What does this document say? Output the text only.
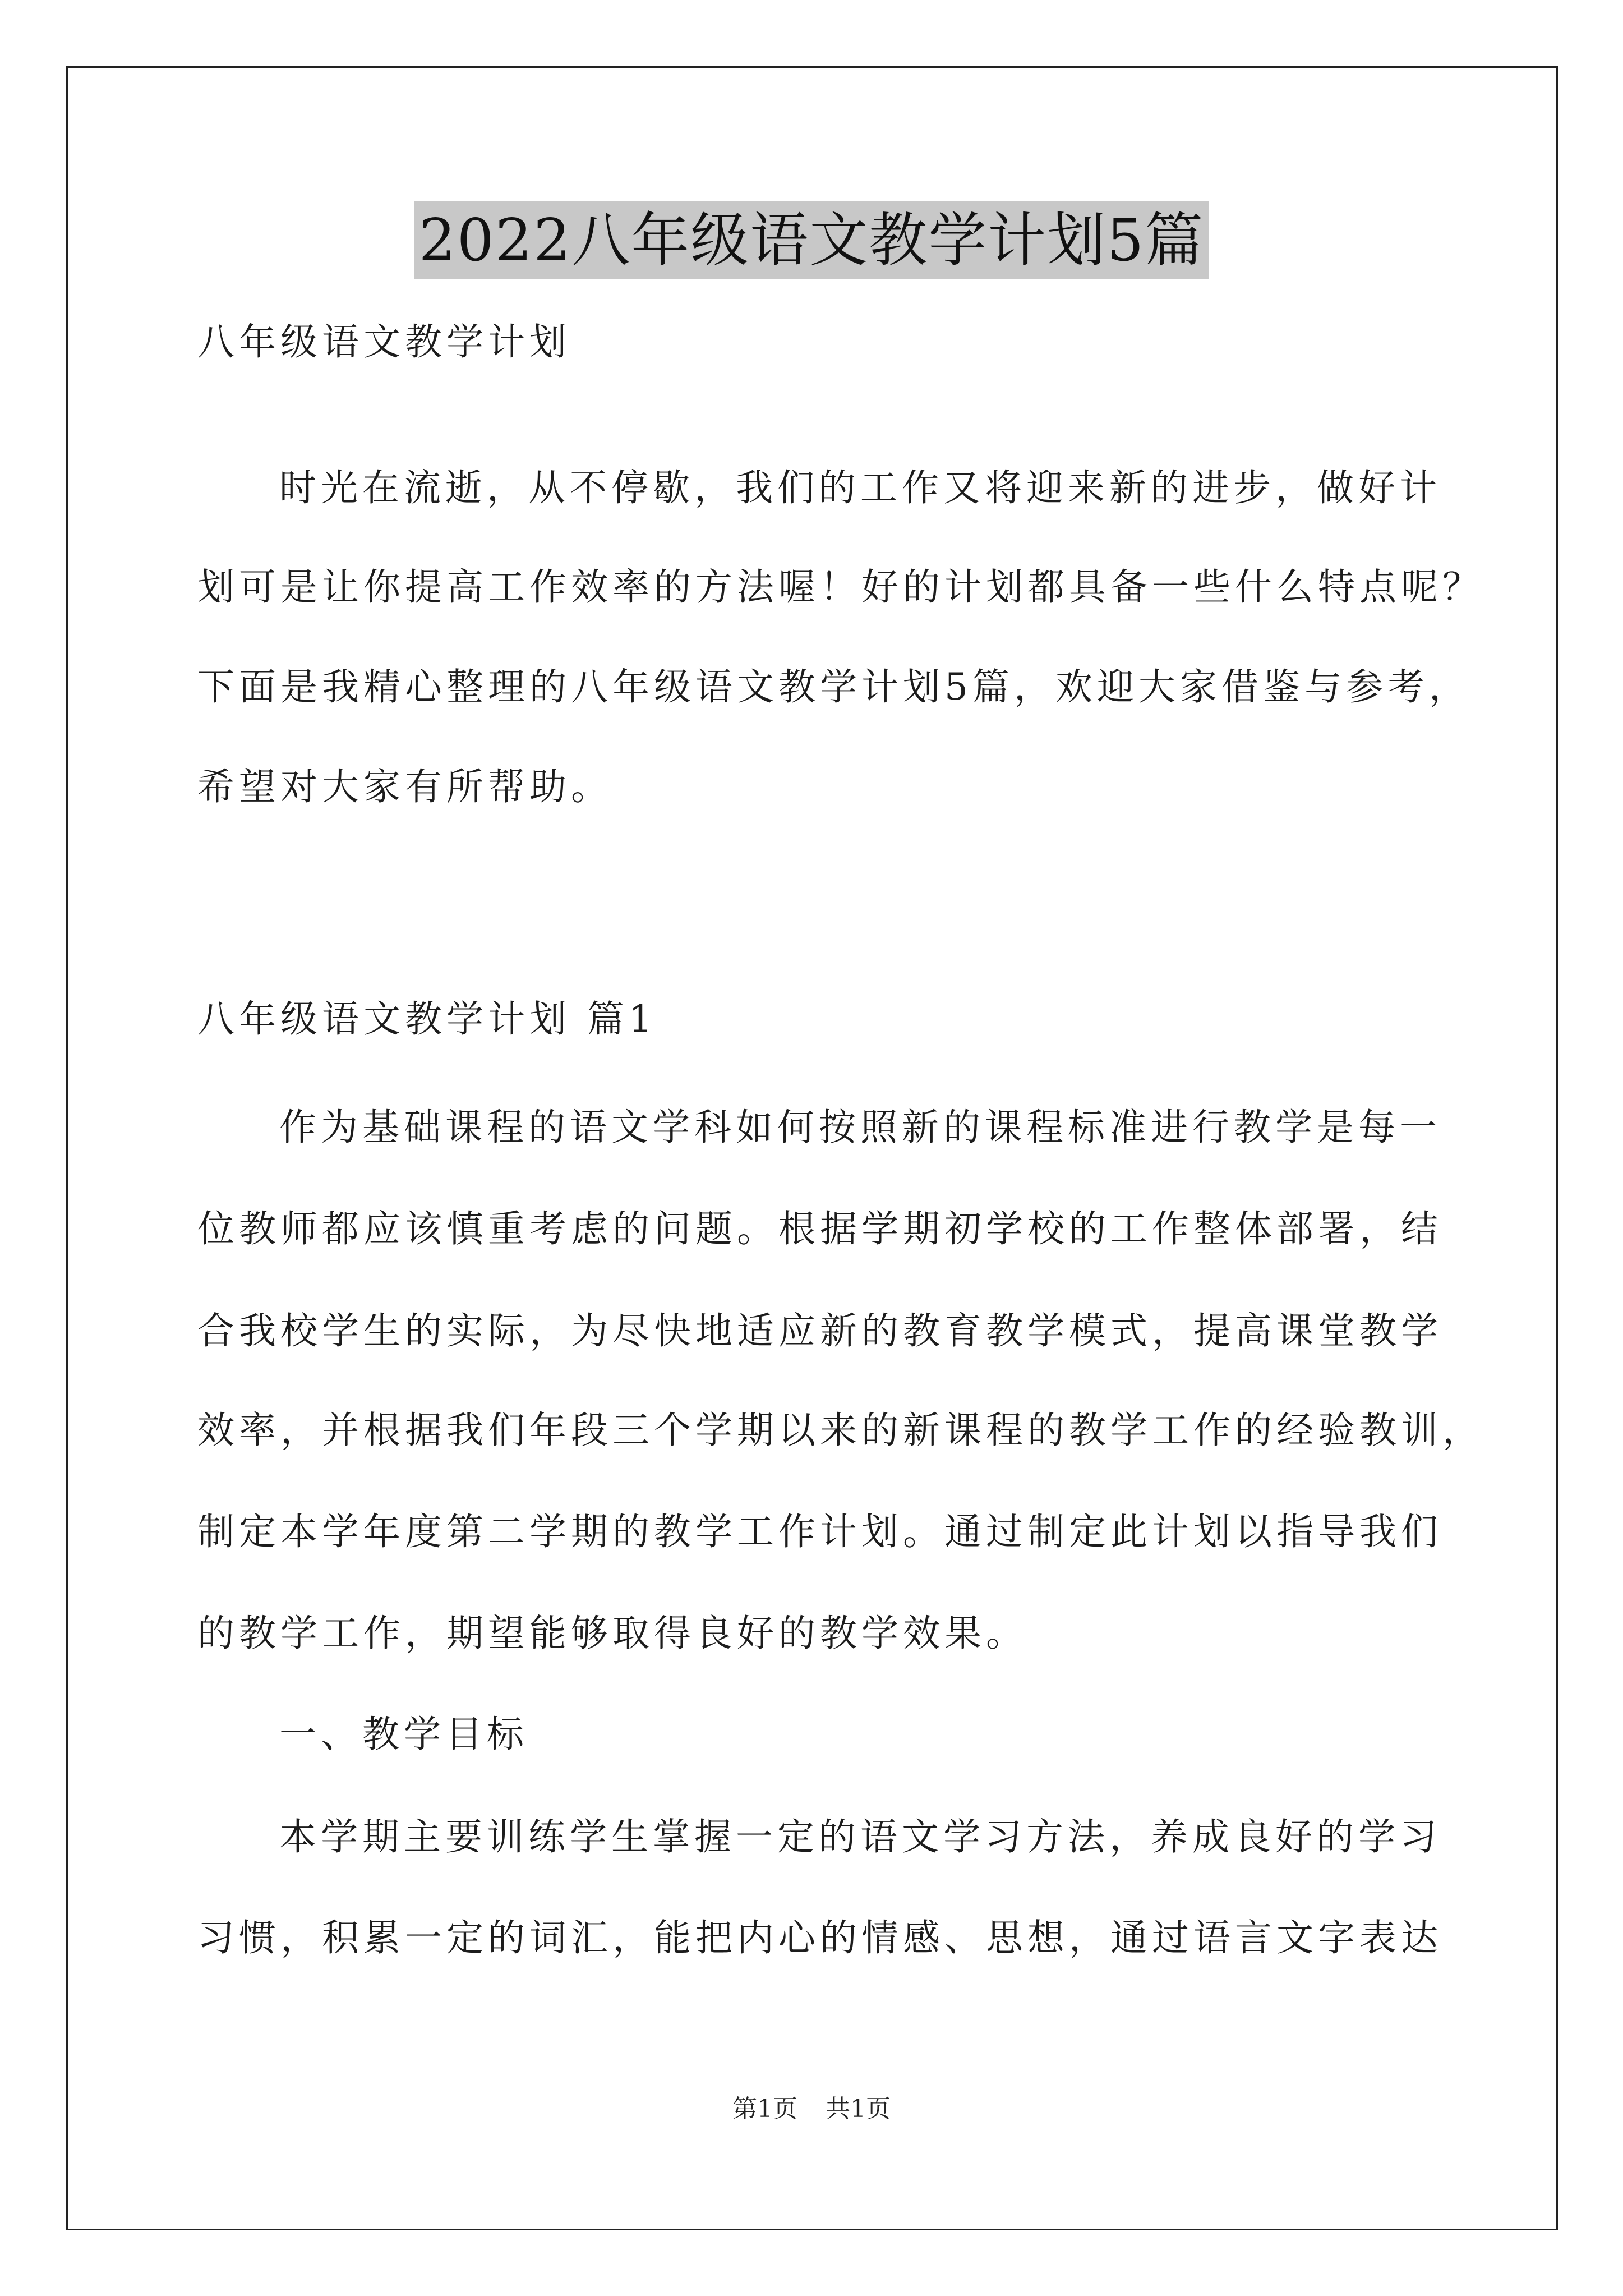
2022八年级语文教学计划5篇
八年级语文教学计划
时光在流逝，从不停歇，我们的工作又将迎来新的进步，做好计
划可是让你提高工作效率的方法喔！好的计划都具备一些什么特点呢？
下面是我精心整理的八年级语文教学计划5篇，欢迎大家借鉴与参考，
希望对大家有所帮助。
八年级语文教学计划 篇1
作为基础课程的语文学科如何按照新的课程标准进行教学是每一
位教师都应该慎重考虑的问题。根据学期初学校的工作整体部署，结
合我校学生的实际，为尽快地适应新的教育教学模式，提高课堂教学
效率，并根据我们年段三个学期以来的新课程的教学工作的经验教训，
制定本学年度第二学期的教学工作计划。通过制定此计划以指导我们
的教学工作，期望能够取得良好的教学效果。
一、教学目标
本学期主要训练学生掌握一定的语文学习方法，养成良好的学习
习惯，积累一定的词汇，能把内心的情感、思想，通过语言文字表达
第1页 共1页
